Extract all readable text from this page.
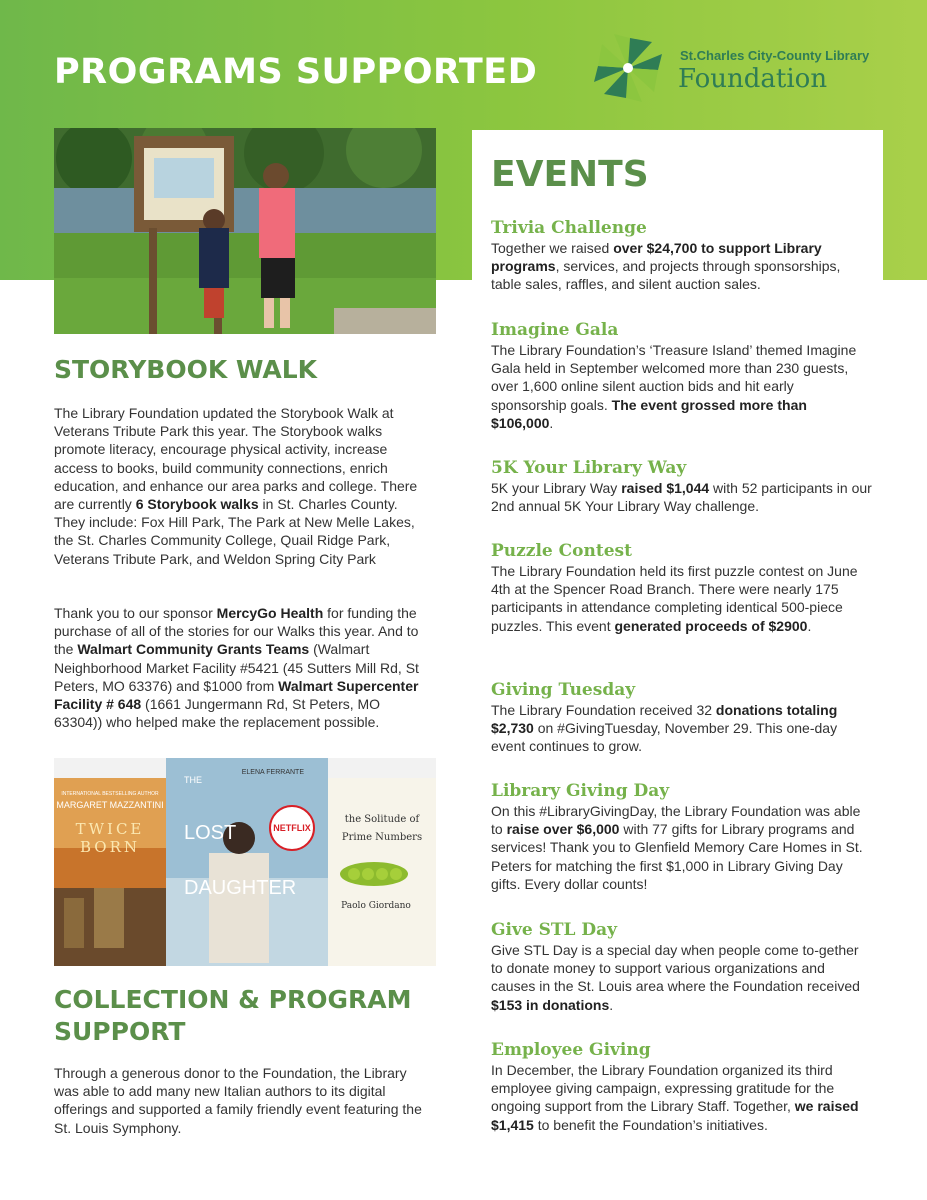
PROGRAMS SUPPORTED	St.Charles City-County Library
Foundation
STORYBOOK WALK
The Library Foundation updated the Storybook Walk at Veterans Tribute Park this year. The Storybook walks promote literacy, encourage physical activity, increase access to books, build community connections, enrich education, and enhance our area parks and college. There are currently 6 Storybook walks in St. Charles County. They include: Fox Hill Park, The Park at New Melle Lakes, the St. Charles Community College, Quail Ridge Park, Veterans Tribute Park, and Weldon Spring City Park
Thank you to our sponsor MercyGo Health for funding the purchase of all of the stories for our Walks this year. And to the Walmart Community Grants Teams (Walmart Neighborhood Market Facility #5421 (45 Sutters Mill Rd, St Peters, MO 63376) and $1000 from Walmart Supercenter Facility # 648 (1661 Jungermann Rd, St Peters, MO 63304)) who helped make the replacement possible.
INTERNATIONAL BESTSELLING AUTHOR
MARGARET MAZZANTINI
TWICE
BORN
ELENA FERRANTE
THE
LOST
DAUGHTER
NETFLIX
the Solitude of
Prime Numbers
Paolo Giordano
COLLECTION & PROGRAM SUPPORT
Through a generous donor to the Foundation, the Library was able to add many new Italian authors to its digital offerings and supported a family friendly event featuring the St. Louis Symphony.
EVENTS
Trivia Challenge
Together we raised over $24,700 to support Library programs, services, and projects through sponsorships, table sales, raffles, and silent auction sales.
Imagine Gala
The Library Foundation’s ‘Treasure Island’ themed Imagine Gala held in September welcomed more than 230 guests, over 1,600 online silent auction bids and hit early sponsorship goals. The event grossed more than $106,000.
5K Your Library Way
5K your Library Way raised $1,044 with 52 participants in our 2nd annual 5K Your Library Way challenge.
Puzzle Contest
The Library Foundation held its first puzzle contest on June 4th at the Spencer Road Branch. There were nearly 175 participants in attendance completing identical 500-piece puzzles. This event generated proceeds of $2900.
Giving Tuesday
The Library Foundation received 32 donations totaling $2,730 on #GivingTuesday, November 29. This one-day event continues to grow.
Library Giving Day
On this #LibraryGivingDay, the Library Foundation was able to raise over $6,000 with 77 gifts for Library programs and services! Thank you to Glenfield Memory Care Homes in St. Peters for matching the first $1,000 in Library Giving Day gifts. Every dollar counts!
Give STL Day
Give STL Day is a special day when people come to-gether to donate money to support various organizations and causes in the St. Louis area where the Foundation received $153 in donations.
Employee Giving
In December, the Library Foundation organized its third employee giving campaign, expressing gratitude for the ongoing support from the Library Staff. Together, we raised $1,415 to benefit the Foundation’s initiatives.
